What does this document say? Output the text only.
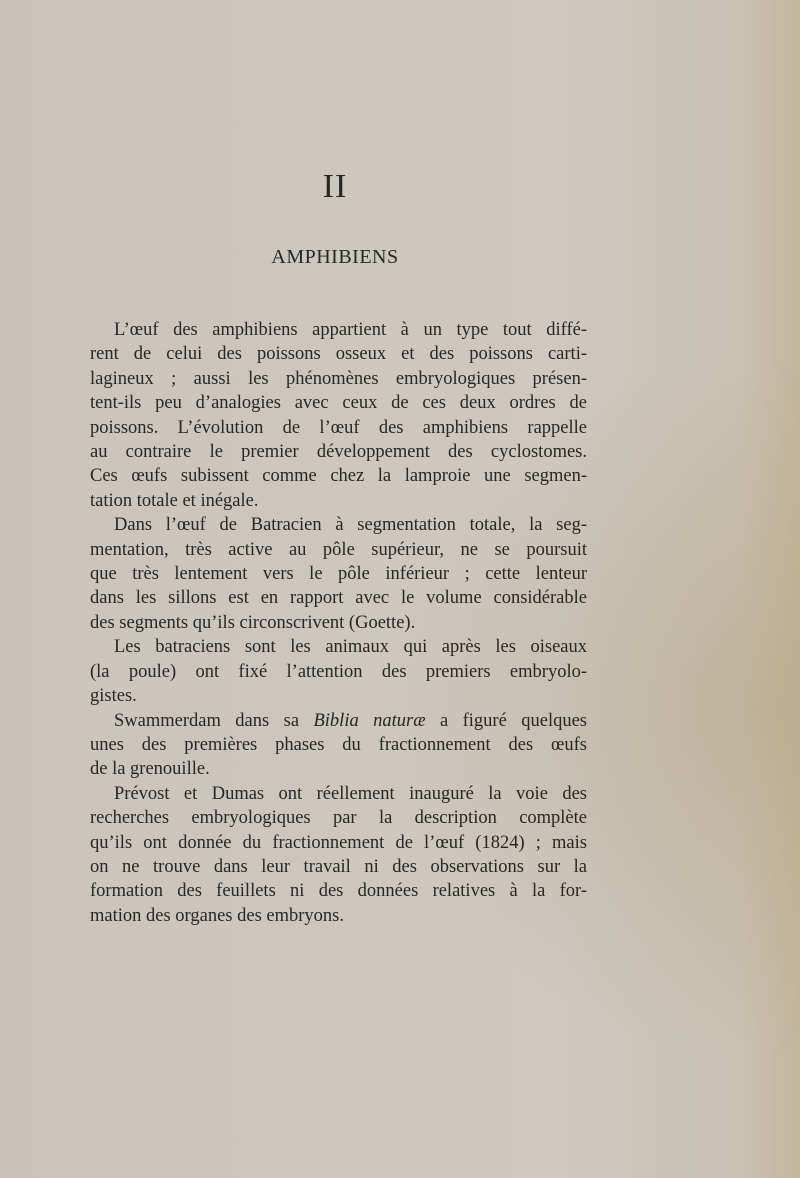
II
AMPHIBIENS

L’œuf des amphibiens appartient à un type tout diffé-

rent de celui des poissons osseux et des poissons carti-

lagineux ; aussi les phénomènes embryologiques présen-

tent-ils peu d’analogies avec ceux de ces deux ordres de

poissons. L’évolution de l’œuf des amphibiens rappelle

au contraire le premier développement des cyclostomes.

Ces œufs subissent comme chez la lamproie une segmen-

tation totale et inégale.

Dans l’œuf de Batracien à segmentation totale, la seg-

mentation, très active au pôle supérieur, ne se poursuit

que très lentement vers le pôle inférieur ; cette lenteur

dans les sillons est en rapport avec le volume considérable

des segments qu’ils circonscrivent (Goette).

Les batraciens sont les animaux qui après les oiseaux

(la poule) ont fixé l’attention des premiers embryolo-

gistes.

Swammerdam dans sa Biblia naturæ a figuré quelques

unes des premières phases du fractionnement des œufs

de la grenouille.

Prévost et Dumas ont réellement inauguré la voie des

recherches embryologiques par la description complète

qu’ils ont donnée du fractionnement de l’œuf (1824) ; mais

on ne trouve dans leur travail ni des observations sur la

formation des feuillets ni des données relatives à la for-

mation des organes des embryons.
